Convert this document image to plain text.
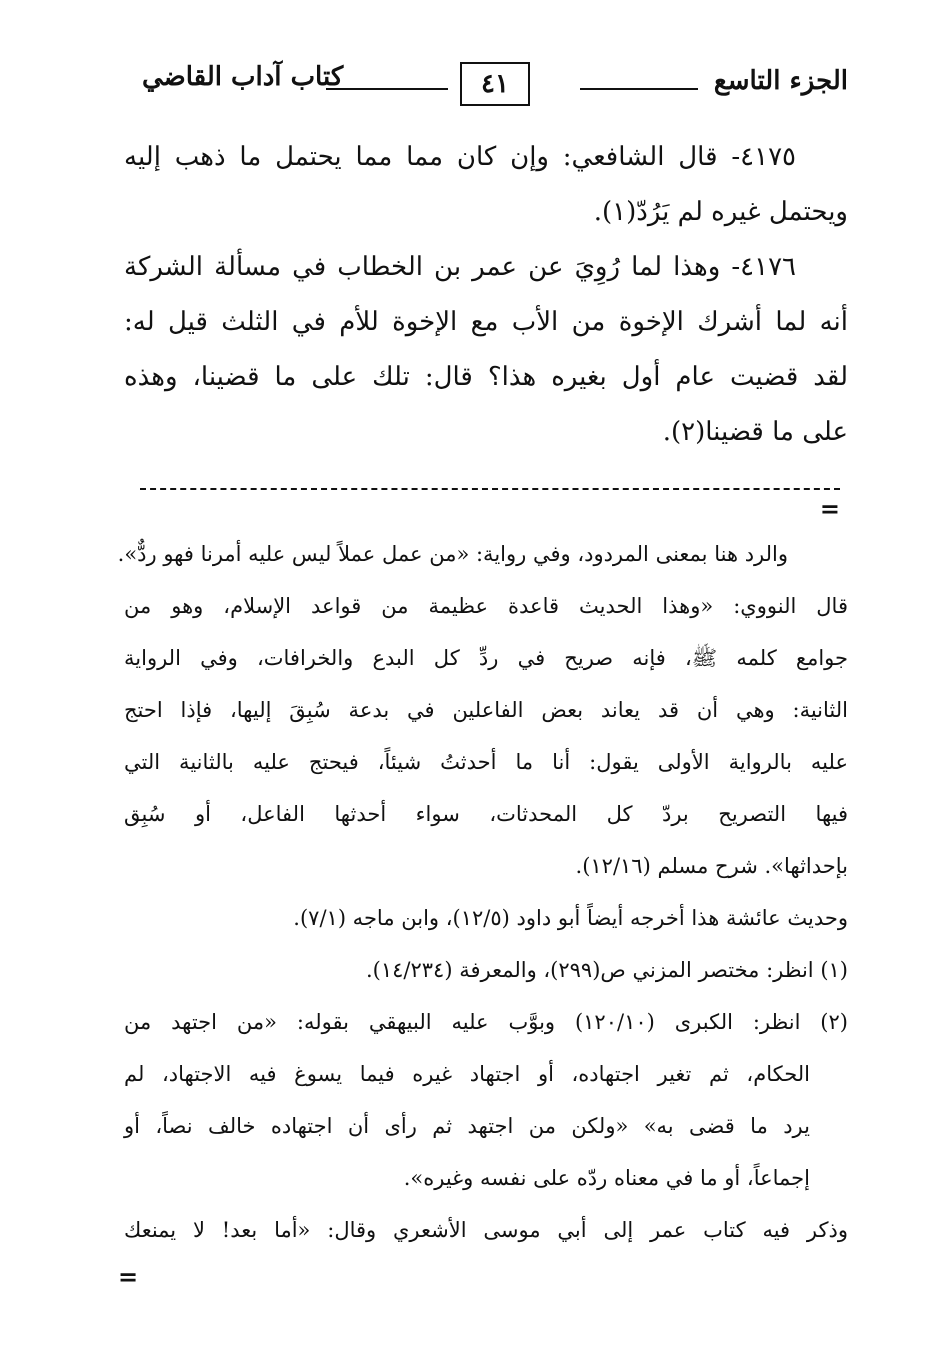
الجزء التاسع
٤١
كتاب آداب القاضي
٤١٧٥- قال الشافعي: وإن كان مما مما يحتمل ما ذهب إليه
ويحتمل غيره لم يَرُدّ(١).
٤١٧٦- وهذا لما رُوِيَ عن عمر بن الخطاب في مسألة الشركة
أنه لما أشرك الإخوة من الأب مع الإخوة للأم في الثلث قيل له:
لقد قضيت عام أول بغيره هذا؟ قال: تلك على ما قضينا، وهذه
على ما قضينا(٢).
=
والرد هنا بمعنى المردود، وفي رواية: «من عمل عملاً ليس عليه أمرنا فهو ردٌّ».
قال النووي: «وهذا الحديث قاعدة عظيمة من قواعد الإسلام، وهو من
جوامع كلمه ﷺ، فإنه صريح في ردِّ كل البدع والخرافات، وفي الرواية
الثانية: وهي أن قد يعاند بعض الفاعلين في بدعة سُبِقَ إليها، فإذا احتج
عليه بالرواية الأولى يقول: أنا ما أحدثتُ شيئاً، فيحتج عليه بالثانية التي
فيها التصريح بردّ كل المحدثات، سواء أحدثها الفاعل، أو سُبِق
بإحداثها». شرح مسلم (١٢/١٦).
وحديث عائشة هذا أخرجه أيضاً أبو داود (١٢/٥)، وابن ماجه (٧/١).
(١) انظر: مختصر المزني ص(٢٩٩)، والمعرفة (١٤/٢٣٤).
(٢) انظر: الكبرى (١٢٠/١٠) وبوَّب عليه البيهقي بقوله: «من اجتهد من
الحكام، ثم تغير اجتهاده، أو اجتهاد غيره فيما يسوغ فيه الاجتهاد، لم
يرد ما قضى به» «ولكن من اجتهد ثم رأى أن اجتهاده خالف نصاً، أو
إجماعاً، أو ما في معناه ردّه على نفسه وغيره».
وذكر فيه كتاب عمر إلى أبي موسى الأشعري وقال: «أما بعد! لا يمنعك
=
